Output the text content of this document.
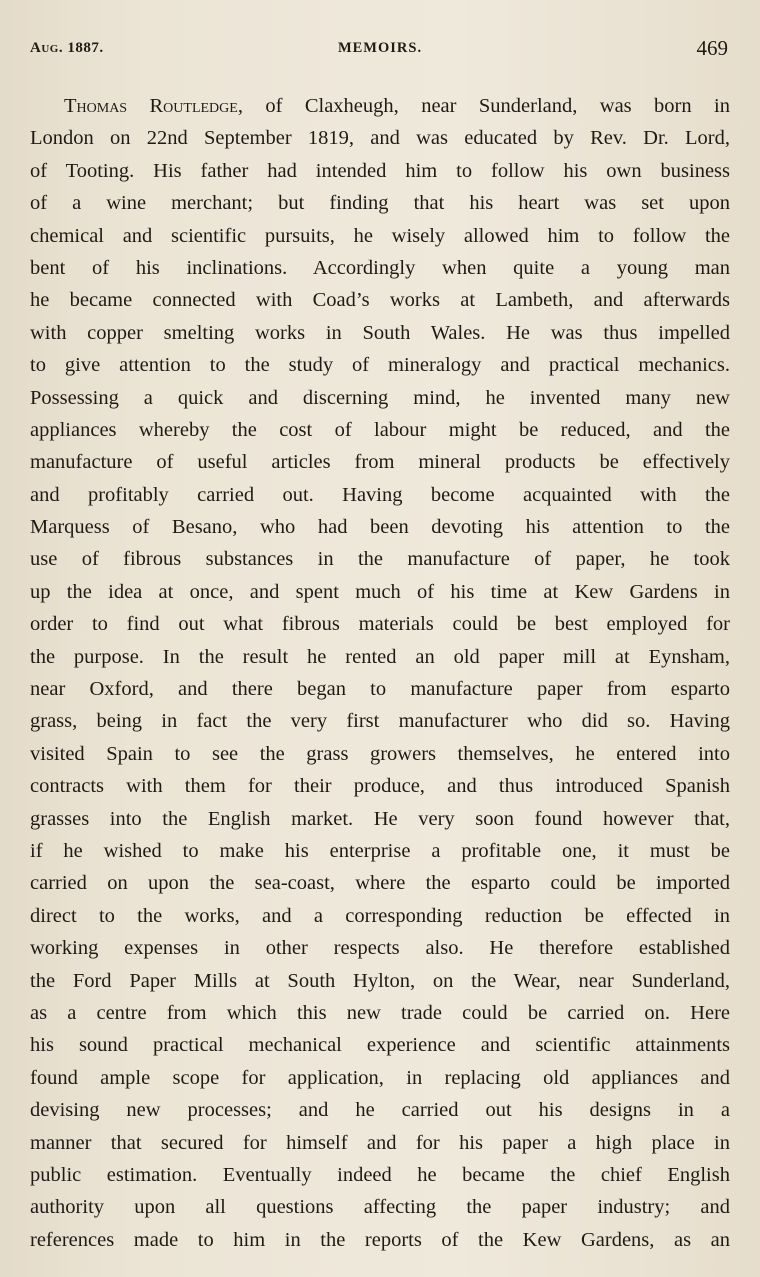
Aug. 1887.	MEMOIRS.	469
Thomas Routledge, of Claxheugh, near Sunderland, was born in
London on 22nd September 1819, and was educated by Rev. Dr. Lord,
of Tooting. His father had intended him to follow his own business
of a wine merchant; but finding that his heart was set upon
chemical and scientific pursuits, he wisely allowed him to follow the
bent of his inclinations. Accordingly when quite a young man
he became connected with Coad’s works at Lambeth, and afterwards
with copper smelting works in South Wales. He was thus impelled
to give attention to the study of mineralogy and practical mechanics.
Possessing a quick and discerning mind, he invented many new
appliances whereby the cost of labour might be reduced, and the
manufacture of useful articles from mineral products be effectively
and profitably carried out. Having become acquainted with the
Marquess of Besano, who had been devoting his attention to the
use of fibrous substances in the manufacture of paper, he took
up the idea at once, and spent much of his time at Kew Gardens in
order to find out what fibrous materials could be best employed for
the purpose. In the result he rented an old paper mill at Eynsham,
near Oxford, and there began to manufacture paper from esparto
grass, being in fact the very first manufacturer who did so. Having
visited Spain to see the grass growers themselves, he entered into
contracts with them for their produce, and thus introduced Spanish
grasses into the English market. He very soon found however that,
if he wished to make his enterprise a profitable one, it must be
carried on upon the sea-coast, where the esparto could be imported
direct to the works, and a corresponding reduction be effected in
working expenses in other respects also. He therefore established
the Ford Paper Mills at South Hylton, on the Wear, near Sunderland,
as a centre from which this new trade could be carried on. Here
his sound practical mechanical experience and scientific attainments
found ample scope for application, in replacing old appliances and
devising new processes; and he carried out his designs in a
manner that secured for himself and for his paper a high place in
public estimation. Eventually indeed he became the chief English
authority upon all questions affecting the paper industry; and
references made to him in the reports of the Kew Gardens, as an
